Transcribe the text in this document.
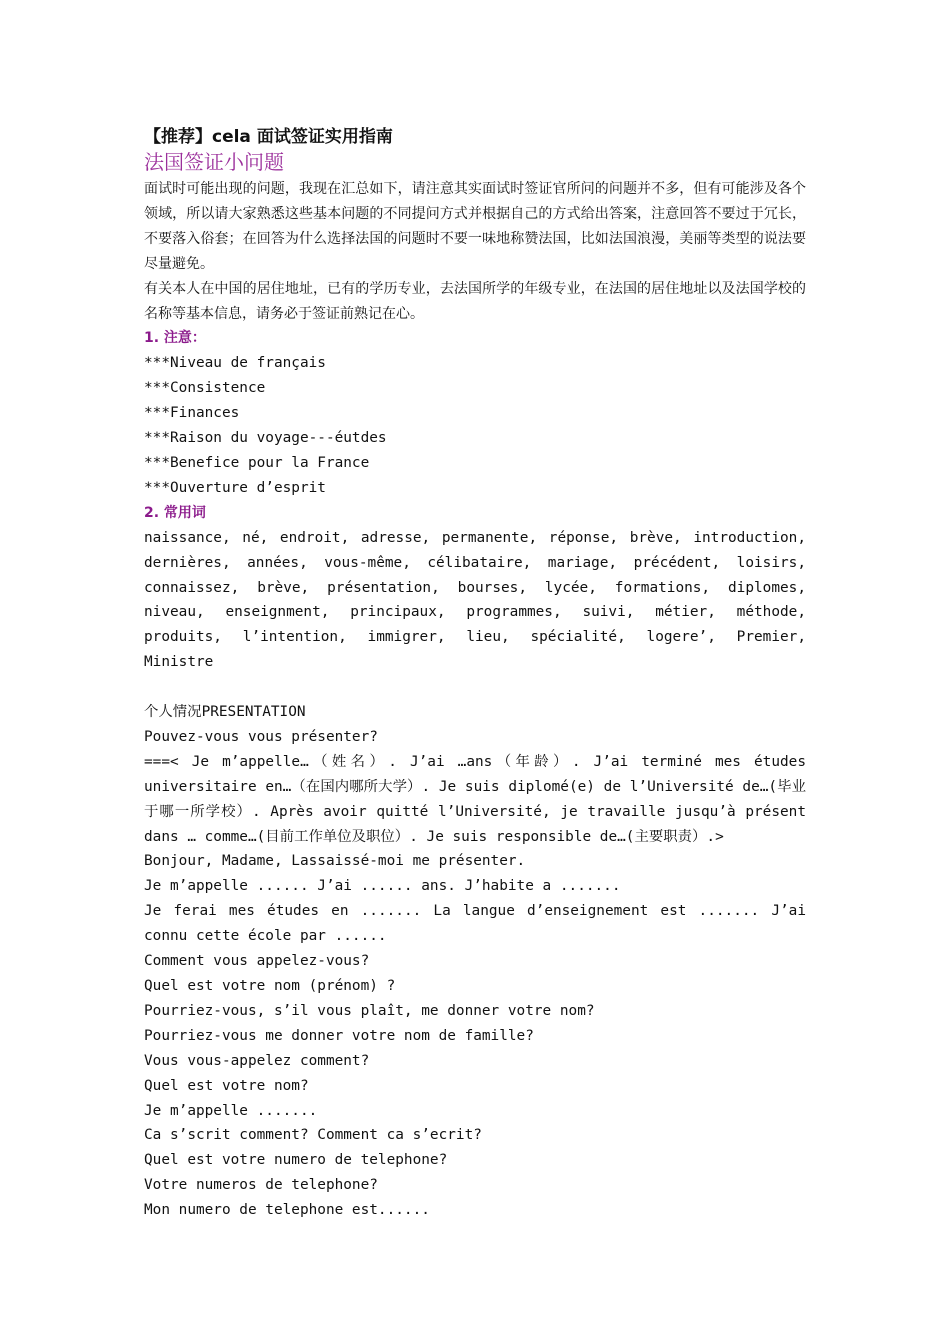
【推荐】cela 面试签证实用指南
法国签证小问题
面试时可能出现的问题，我现在汇总如下，请注意其实面试时签证官所问的问题并不多，但有可能涉及各个领域，所以请大家熟悉这些基本问题的不同提问方式并根据自己的方式给出答案，注意回答不要过于冗长，不要落入俗套；在回答为什么选择法国的问题时不要一味地称赞法国，比如法国浪漫，美丽等类型的说法要尽量避免。
有关本人在中国的居住地址，已有的学历专业，去法国所学的年级专业，在法国的居住地址以及法国学校的名称等基本信息，请务必于签证前熟记在心。
1. 注意：
***Niveau de français
***Consistence
***Finances
***Raison du voyage---éutdes
***Benefice pour la France
***Ouverture d’esprit
2. 常用词
naissance, né, endroit, adresse, permanente, réponse, brève, introduction, dernières, années, vous-même, célibataire, mariage, précédent, loisirs, connaissez, brève, présentation, bourses, lycée, formations, diplomes, niveau, enseignment, principaux, programmes, suivi, métier, méthode, produits, l’intention, immigrer, lieu, spécialité, logere’, Premier, Ministre
个人情况PRESENTATION
Pouvez-vous vous présenter?
===< Je m’appelle…（姓名）. J’ai …ans（年龄）. J’ai terminé mes études universitaire en…（在国内哪所大学）. Je suis diplomé(e) de l’Université de…(毕业于哪一所学校）. Après avoir quitté l’Université, je travaille jusqu’à présent dans … comme…(目前工作单位及职位）. Je suis responsible de…(主要职责）.>
Bonjour, Madame, Lassaissé-moi me présenter.
Je m’appelle ...... J’ai ...... ans. J’habite a .......
Je ferai mes études en ....... La langue d’enseignement est ....... J’ai connu cette école par ......
Comment vous appelez-vous?
Quel est votre nom (prénom) ?
Pourriez-vous, s’il vous plaît, me donner votre nom?
Pourriez-vous me donner votre nom de famille?
Vous vous-appelez comment?
Quel est votre nom?
Je m’appelle .......
Ca s’scrit comment? Comment ca s’ecrit?
Quel est votre numero de telephone?
Votre numeros de telephone?
Mon numero de telephone est......
